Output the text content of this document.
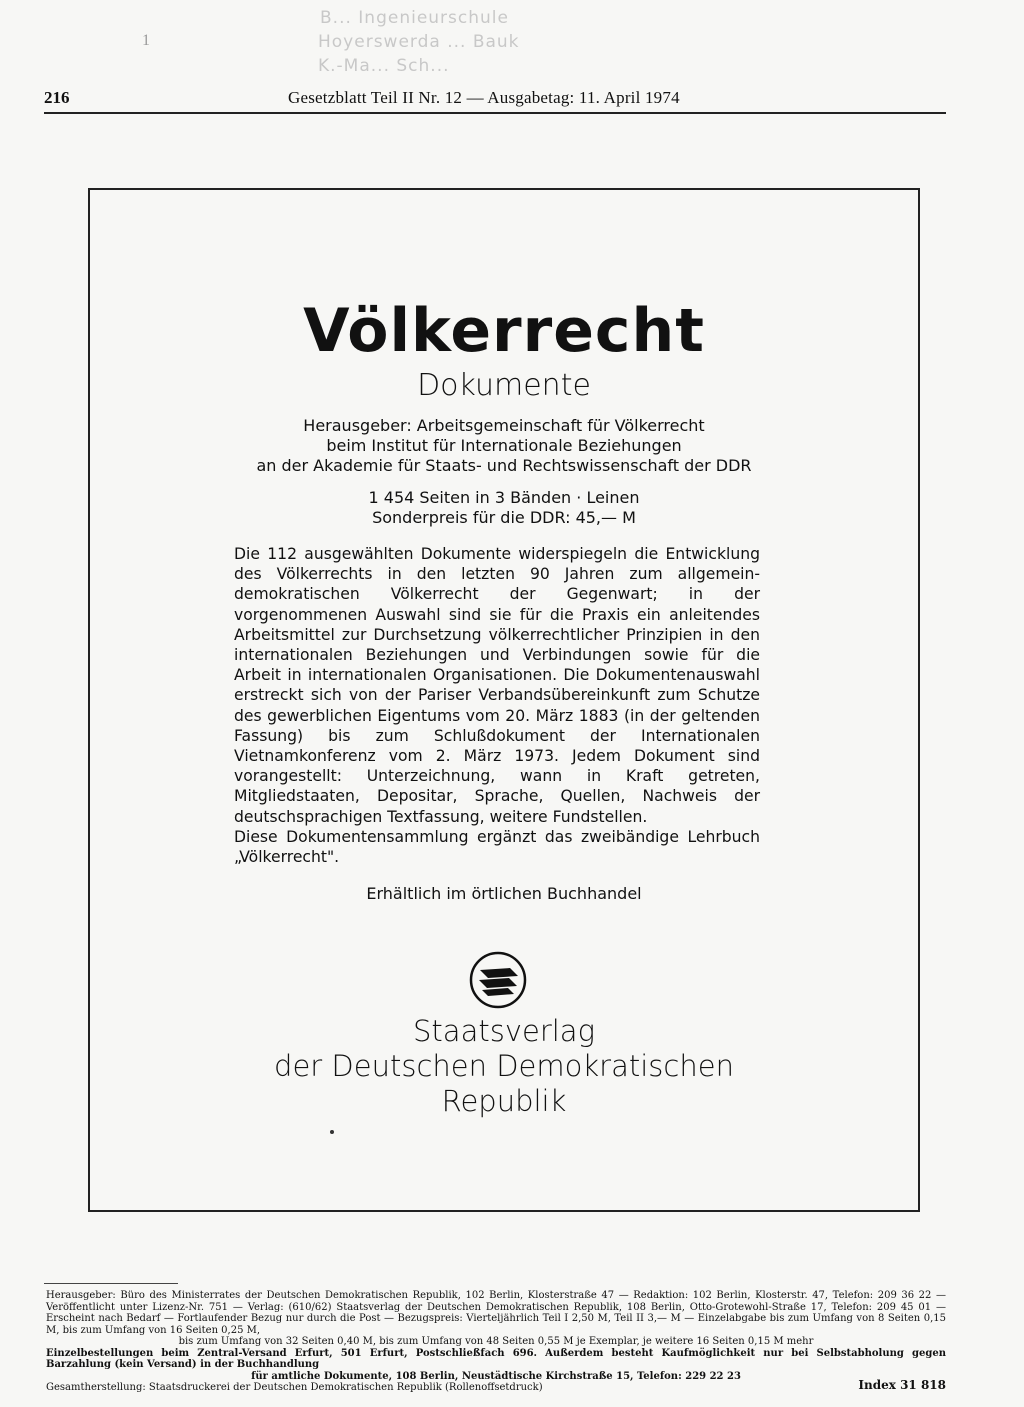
B... Ingenieurschule
Hoyerswerda ... Bauk
K.-Ma... Sch...
1
216	Gesetzblatt Teil II Nr. 12 — Ausgabetag: 11. April 1974
Völkerrecht
Dokumente
Herausgeber: Arbeitsgemeinschaft für Völkerrecht
beim Institut für Internationale Beziehungen
an der Akademie für Staats- und Rechtswissenschaft der DDR
1 454 Seiten in 3 Bänden · Leinen
Sonderpreis für die DDR: 45,— M

Die 112 ausgewählten Dokumente widerspiegeln die Entwicklung des Völkerrechts in den letzten 90 Jahren zum allgemein-demokratischen Völkerrecht der Gegenwart; in der vorgenommenen Auswahl sind sie für die Praxis ein anleitendes Arbeitsmittel zur Durchsetzung völkerrechtlicher Prinzipien in den internationalen Beziehungen und Verbindungen sowie für die Arbeit in internationalen Organisationen. Die Dokumentenauswahl erstreckt sich von der Pariser Verbandsübereinkunft zum Schutze des gewerblichen Eigentums vom 20. März 1883 (in der geltenden Fassung) bis zum Schlußdokument der Internationalen Vietnamkonferenz vom 2. März 1973. Jedem Dokument sind vorangestellt: Unterzeichnung, wann in Kraft getreten, Mitgliedstaaten, Depositar, Sprache, Quellen, Nachweis der deutschsprachigen Textfassung, weitere Fundstellen.

Diese Dokumentensammlung ergänzt das zweibändige Lehrbuch „Völkerrecht".

Erhältlich im örtlichen Buchhandel
Staatsverlag
der Deutschen Demokratischen
Republik
Herausgeber: Büro des Ministerrates der Deutschen Demokratischen Republik, 102 Berlin, Klosterstraße 47 — Redaktion: 102 Berlin, Klosterstr. 47, Telefon: 209 36 22 — Veröffentlicht unter Lizenz-Nr. 751 — Verlag: (610/62) Staatsverlag der Deutschen Demokratischen Republik, 108 Berlin, Otto-Grotewohl-Straße 17, Telefon: 209 45 01 — Erscheint nach Bedarf — Fortlaufender Bezug nur durch die Post — Bezugspreis: Vierteljährlich Teil I 2,50 M, Teil II 3,— M — Einzelabgabe bis zum Umfang von 8 Seiten 0,15 M, bis zum Umfang von 16 Seiten 0,25 M,
bis zum Umfang von 32 Seiten 0,40 M, bis zum Umfang von 48 Seiten 0,55 M je Exemplar, je weitere 16 Seiten 0,15 M mehr
Einzelbestellungen beim Zentral-Versand Erfurt, 501 Erfurt, Postschließfach 696. Außerdem besteht Kaufmöglichkeit nur bei Selbstabholung gegen Barzahlung (kein Versand) in der Buchhandlung
für amtliche Dokumente, 108 Berlin, Neustädtische Kirchstraße 15, Telefon: 229 22 23
Gesamtherstellung: Staatsdruckerei der Deutschen Demokratischen Republik (Rollenoffsetdruck)	Index 31 818
